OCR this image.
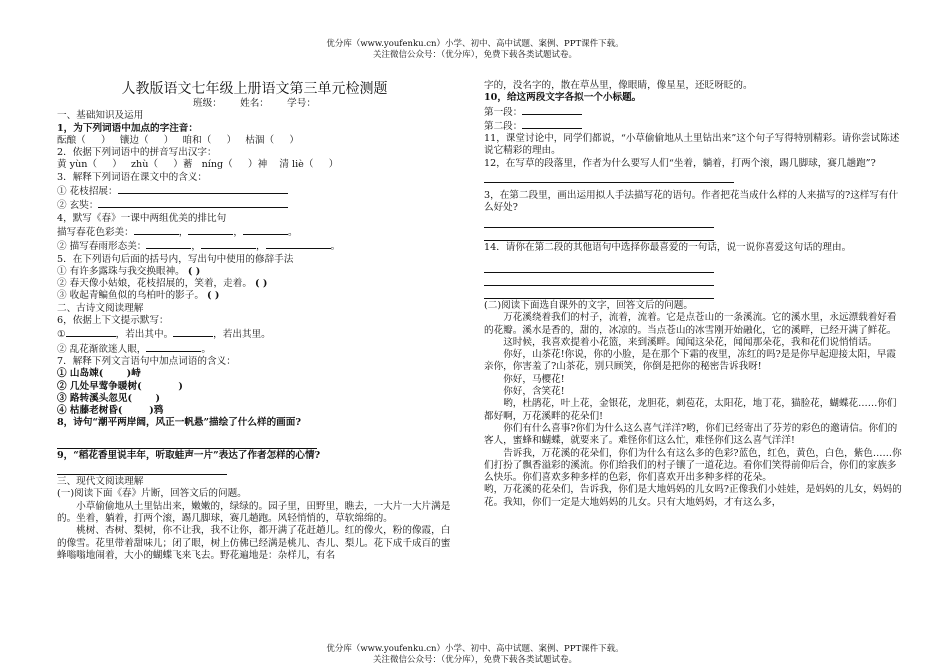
优分库（www.youfenku.cn）小学、初中、高中试题、案例、PPT课件下载。
关注微信公众号：（优分库），免费下载各类试题试卷。

人教版语文七年级上册语文第三单元检测题

班级：      姓名：      学号：

一、基础知识及运用

1，为下列词语中加点的字注音：

酝酿（     ）   镶边（     ）   咱和（     ）   枯涸（     ）

2．依据下列词语中的拼音写出汉字：

黄 yùn（     ）   zhù（     ）蓄   níng（     ）神    清 liè（     ）

3．解释下列词语在课文中的含义：

① 花枝招展：

② 玄奘：

4，默写《春》一课中两组优美的排比句

描写春花色彩美：	，	，	。

② 描写春雨形态美：	，	，	。

5．在下列语句后面的括号内，写出句中使用的修辞手法

① 有许多露珠与我交换眼神。 ( )

② 春天像小姑娘，花枝招展的，笑着，走着。 ( )

③ 收起青鳊鱼似的乌柏叶的影子。 ( )

二、古诗文阅读理解

6，依据上下文提示默写：

①	，若出其中。	，若出其里。

② 乱花渐欲迷人眼，	。

7．解释下列文言语句中加点词语的含义：

① 山岛竦( )峙

② 几处早莺争暖树(	)

③ 路转溪头忽见( )

④ 枯藤老树昏(	)鸦

8，诗句“潮平两岸阔，风正一帆悬”描绘了什么样的画面?

9，“稻花香里说丰年，听取蛙声一片”表达了作者怎样的心情?

三、现代文阅读理解

(一)阅读下面《春》片断，回答文后的问题。

小草偷偷地从土里钻出来，嫩嫩的，绿绿的。园子里，田野里，瞧去，一大片一大片满是的。坐着，躺着，打两个滚，踢几脚球，赛几趟跑。风轻悄悄的，草软绵绵的。

桃树、杏树、梨树，你不让我，我不让你，都开满了花赶趟儿。红的像火，粉的像霞，白的像雪。花里带着甜味儿；闭了眼，树上仿佛已经满是桃儿、杏儿、梨儿。花下成千成百的蜜蜂嗡嗡地闹着，大小的蝴蝶飞来飞去。野花遍地是：杂样儿，有名

字的，没名字的，散在草丛里，像眼睛，像星星，还眨呀眨的。

10，给这两段文字各拟一个小标题。

第一段：

第二段：

11，课堂讨论中，同学们都说，“小草偷偷地从土里钻出来”这个句子写得特别精彩。请你尝试陈述说它精彩的理由。

12，在写草的段落里，作者为什么要写人们“坐着，躺着，打两个滚，踢几脚球，赛几趟跑”?

3，在第二段里，画出运用拟人手法描写花的语句。作者把花当成什么样的人来描写的?这样写有什么好处?

14．请你在第二段的其他语句中选择你最喜爱的一句话，说一说你喜爱这句话的理由。

(二)阅读下面选自课外的文字，回答文后的问题。

万花溪绕着我们的村子，流着，流着。它是点苍山的一条溪流。它的溪水里，永远漂载着好看的花瓣。溪水是香的，甜的，冰凉的。当点苍山的冰雪刚开始融化，它的溪畔，已经开满了鲜花。

这时候，我喜欢提着小花篮，来到溪畔。闻闻这朵花，闻闻那朵花，我和花们说悄悄话。

你好，山茶花!你说，你的小脸，是在那个下霜的夜里，冻红的吗?是是你早起迎接太阳，早霞亲你，你害羞了?山茶花，别只顾笑，你倒是把你的秘密告诉我呀!

你好，马樱花!

你好，含笑花!

哟，杜鹃花，叶上花，金银花，龙胆花，刺苞花，太阳花，地丁花，猫脸花，蝴蝶花……你们都好啊，万花溪畔的花朵们!

你们有什么喜事?你们为什么这么喜气洋洋?哟，你们已经寄出了芬芳的彩色的邀请信。你们的客人，蜜蜂和蝴蝶，就要来了。难怪你们这么忙，难怪你们这么喜气洋洋!

告诉我，万花溪的花朵们，你们为什么有这么多的色彩?蓝色，红色，黄色，白色，紫色……你们打扮了飘香溢彩的溪流。你们给我们的村子镶了一道花边。看你们笑得前仰后合，你们的家族多么快乐。你们喜欢多种多样的色彩，你们喜欢开出多种多样的花朵。

哟，万花溪的花朵们，告诉我，你们是大地妈妈的儿女吗?正像我们小娃娃，是妈妈的儿女，妈妈的花。我知，你们一定是大地妈妈的儿女。只有大地妈妈，才有这么多，

优分库（www.youfenku.cn）小学、初中、高中试题、案例、PPT课件下载。
关注微信公众号：（优分库），免费下载各类试题试卷。
